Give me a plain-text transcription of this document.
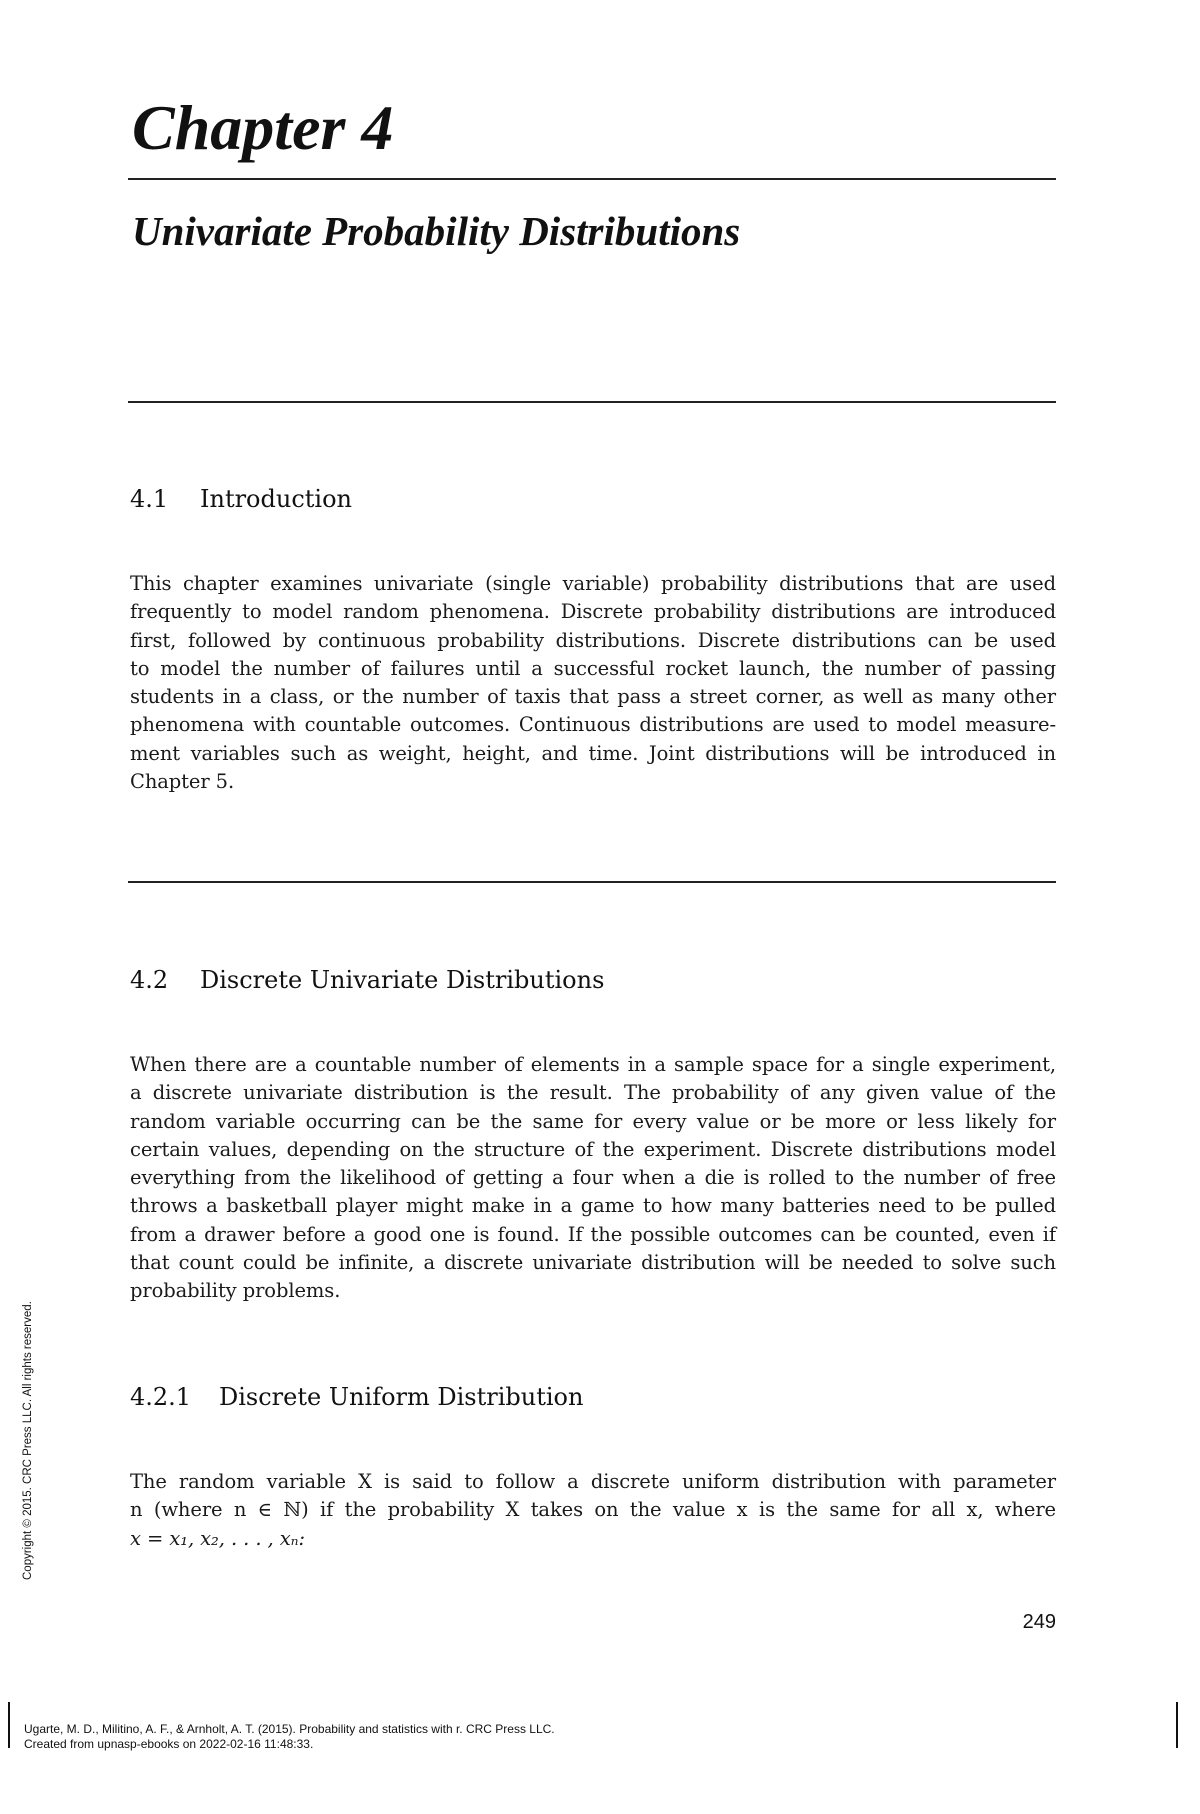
Chapter 4
Univariate Probability Distributions
4.1 Introduction
This chapter examines univariate (single variable) probability distributions that are used
frequently to model random phenomena. Discrete probability distributions are introduced
first, followed by continuous probability distributions. Discrete distributions can be used
to model the number of failures until a successful rocket launch, the number of passing
students in a class, or the number of taxis that pass a street corner, as well as many other
phenomena with countable outcomes. Continuous distributions are used to model measure-
ment variables such as weight, height, and time. Joint distributions will be introduced in
Chapter 5.
4.2 Discrete Univariate Distributions
When there are a countable number of elements in a sample space for a single experiment,
a discrete univariate distribution is the result. The probability of any given value of the
random variable occurring can be the same for every value or be more or less likely for
certain values, depending on the structure of the experiment. Discrete distributions model
everything from the likelihood of getting a four when a die is rolled to the number of free
throws a basketball player might make in a game to how many batteries need to be pulled
from a drawer before a good one is found. If the possible outcomes can be counted, even if
that count could be infinite, a discrete univariate distribution will be needed to solve such
probability problems.
4.2.1 Discrete Uniform Distribution
The random variable X is said to follow a discrete uniform distribution with parameter
n (where n ∈ ℕ) if the probability X takes on the value x is the same for all x, where
x = x₁, x₂, . . . , xₙ:
249
Copyright © 2015. CRC Press LLC. All rights reserved.
Ugarte, M. D., Militino, A. F., & Arnholt, A. T. (2015). Probability and statistics with r. CRC Press LLC.
Created from upnasp-ebooks on 2022-02-16 11:48:33.
